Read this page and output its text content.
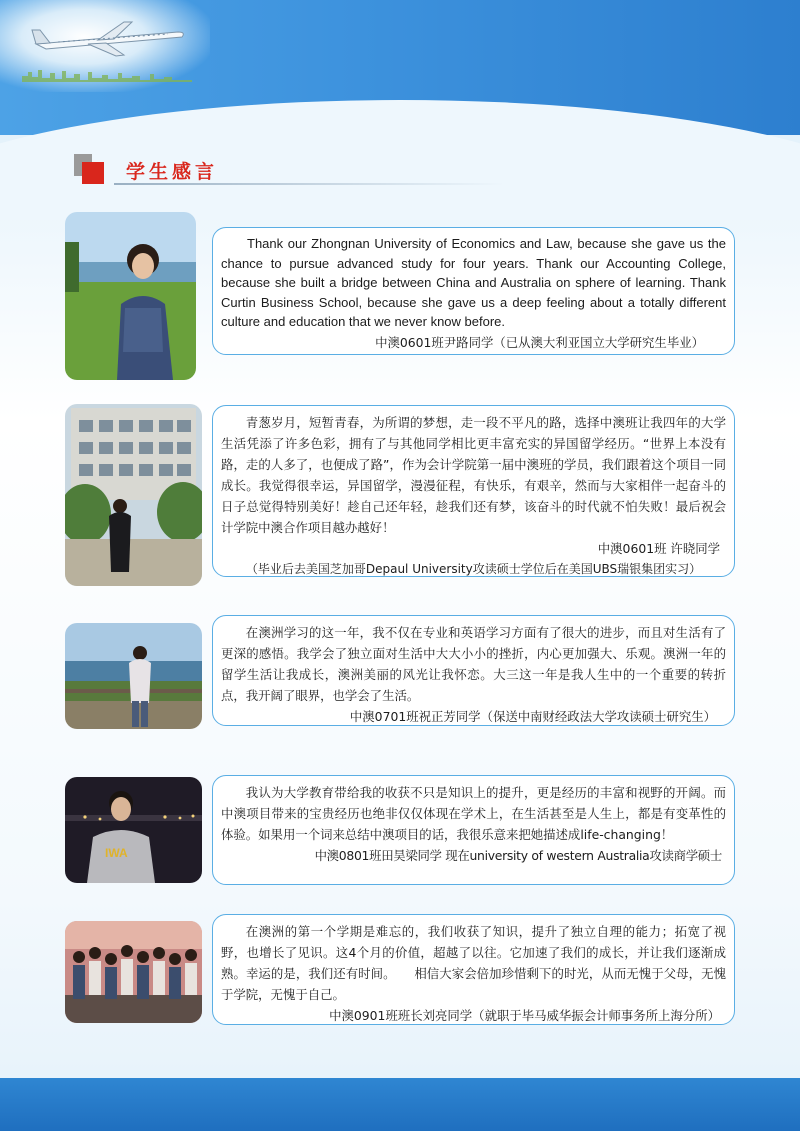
学生感言

Thank our Zhongnan University of Economics and Law, because she gave us the chance to pursue advanced study for four years. Thank our Accounting College, because she built a bridge between China and Australia on sphere of learning. Thank Curtin Business School, because she gave us a deep feeling about a totally different culture and education that we never know before.

中澳0601班尹路同学（已从澳大利亚国立大学研究生毕业）

青葱岁月，短暂青春，为所谓的梦想，走一段不平凡的路，选择中澳班让我四年的大学生活凭添了许多色彩，拥有了与其他同学相比更丰富充实的异国留学经历。“世界上本没有路，走的人多了，也便成了路”，作为会计学院第一届中澳班的学员，我们跟着这个项目一同成长。我觉得很幸运，异国留学，漫漫征程，有快乐，有艰辛，然而与大家相伴一起奋斗的日子总觉得特别美好！趁自己还年轻，趁我们还有梦，该奋斗的时代就不怕失败！最后祝会计学院中澳合作项目越办越好！

中澳0601班 许晓同学

（毕业后去美国芝加哥Depaul University攻读硕士学位后在美国UBS瑞银集团实习）

在澳洲学习的这一年，我不仅在专业和英语学习方面有了很大的进步，而且对生活有了更深的感悟。我学会了独立面对生活中大大小小的挫折，内心更加强大、乐观。澳洲一年的留学生活让我成长，澳洲美丽的风光让我怀恋。大三这一年是我人生中的一个重要的转折点，我开阔了眼界，也学会了生活。

中澳0701班祝正芳同学（保送中南财经政法大学攻读硕士研究生）

IWA

我认为大学教育带给我的收获不只是知识上的提升，更是经历的丰富和视野的开阔。而中澳项目带来的宝贵经历也绝非仅仅体现在学术上，在生活甚至是人生上，都是有变革性的体验。如果用一个词来总结中澳项目的话，我很乐意来把她描述成life-changing！

中澳0801班田昊梁同学 现在university of western Australia攻读商学硕士

在澳洲的第一个学期是难忘的，我们收获了知识，提升了独立自理的能力；拓宽了视野，也增长了见识。这4个月的价值，超越了以往。它加速了我们的成长，并让我们逐渐成熟。幸运的是，我们还有时间。　　相信大家会倍加珍惜剩下的时光，从而无愧于父母，无愧于学院，无愧于自己。

中澳0901班班长刘亮同学（就职于毕马威华振会计师事务所上海分所）
